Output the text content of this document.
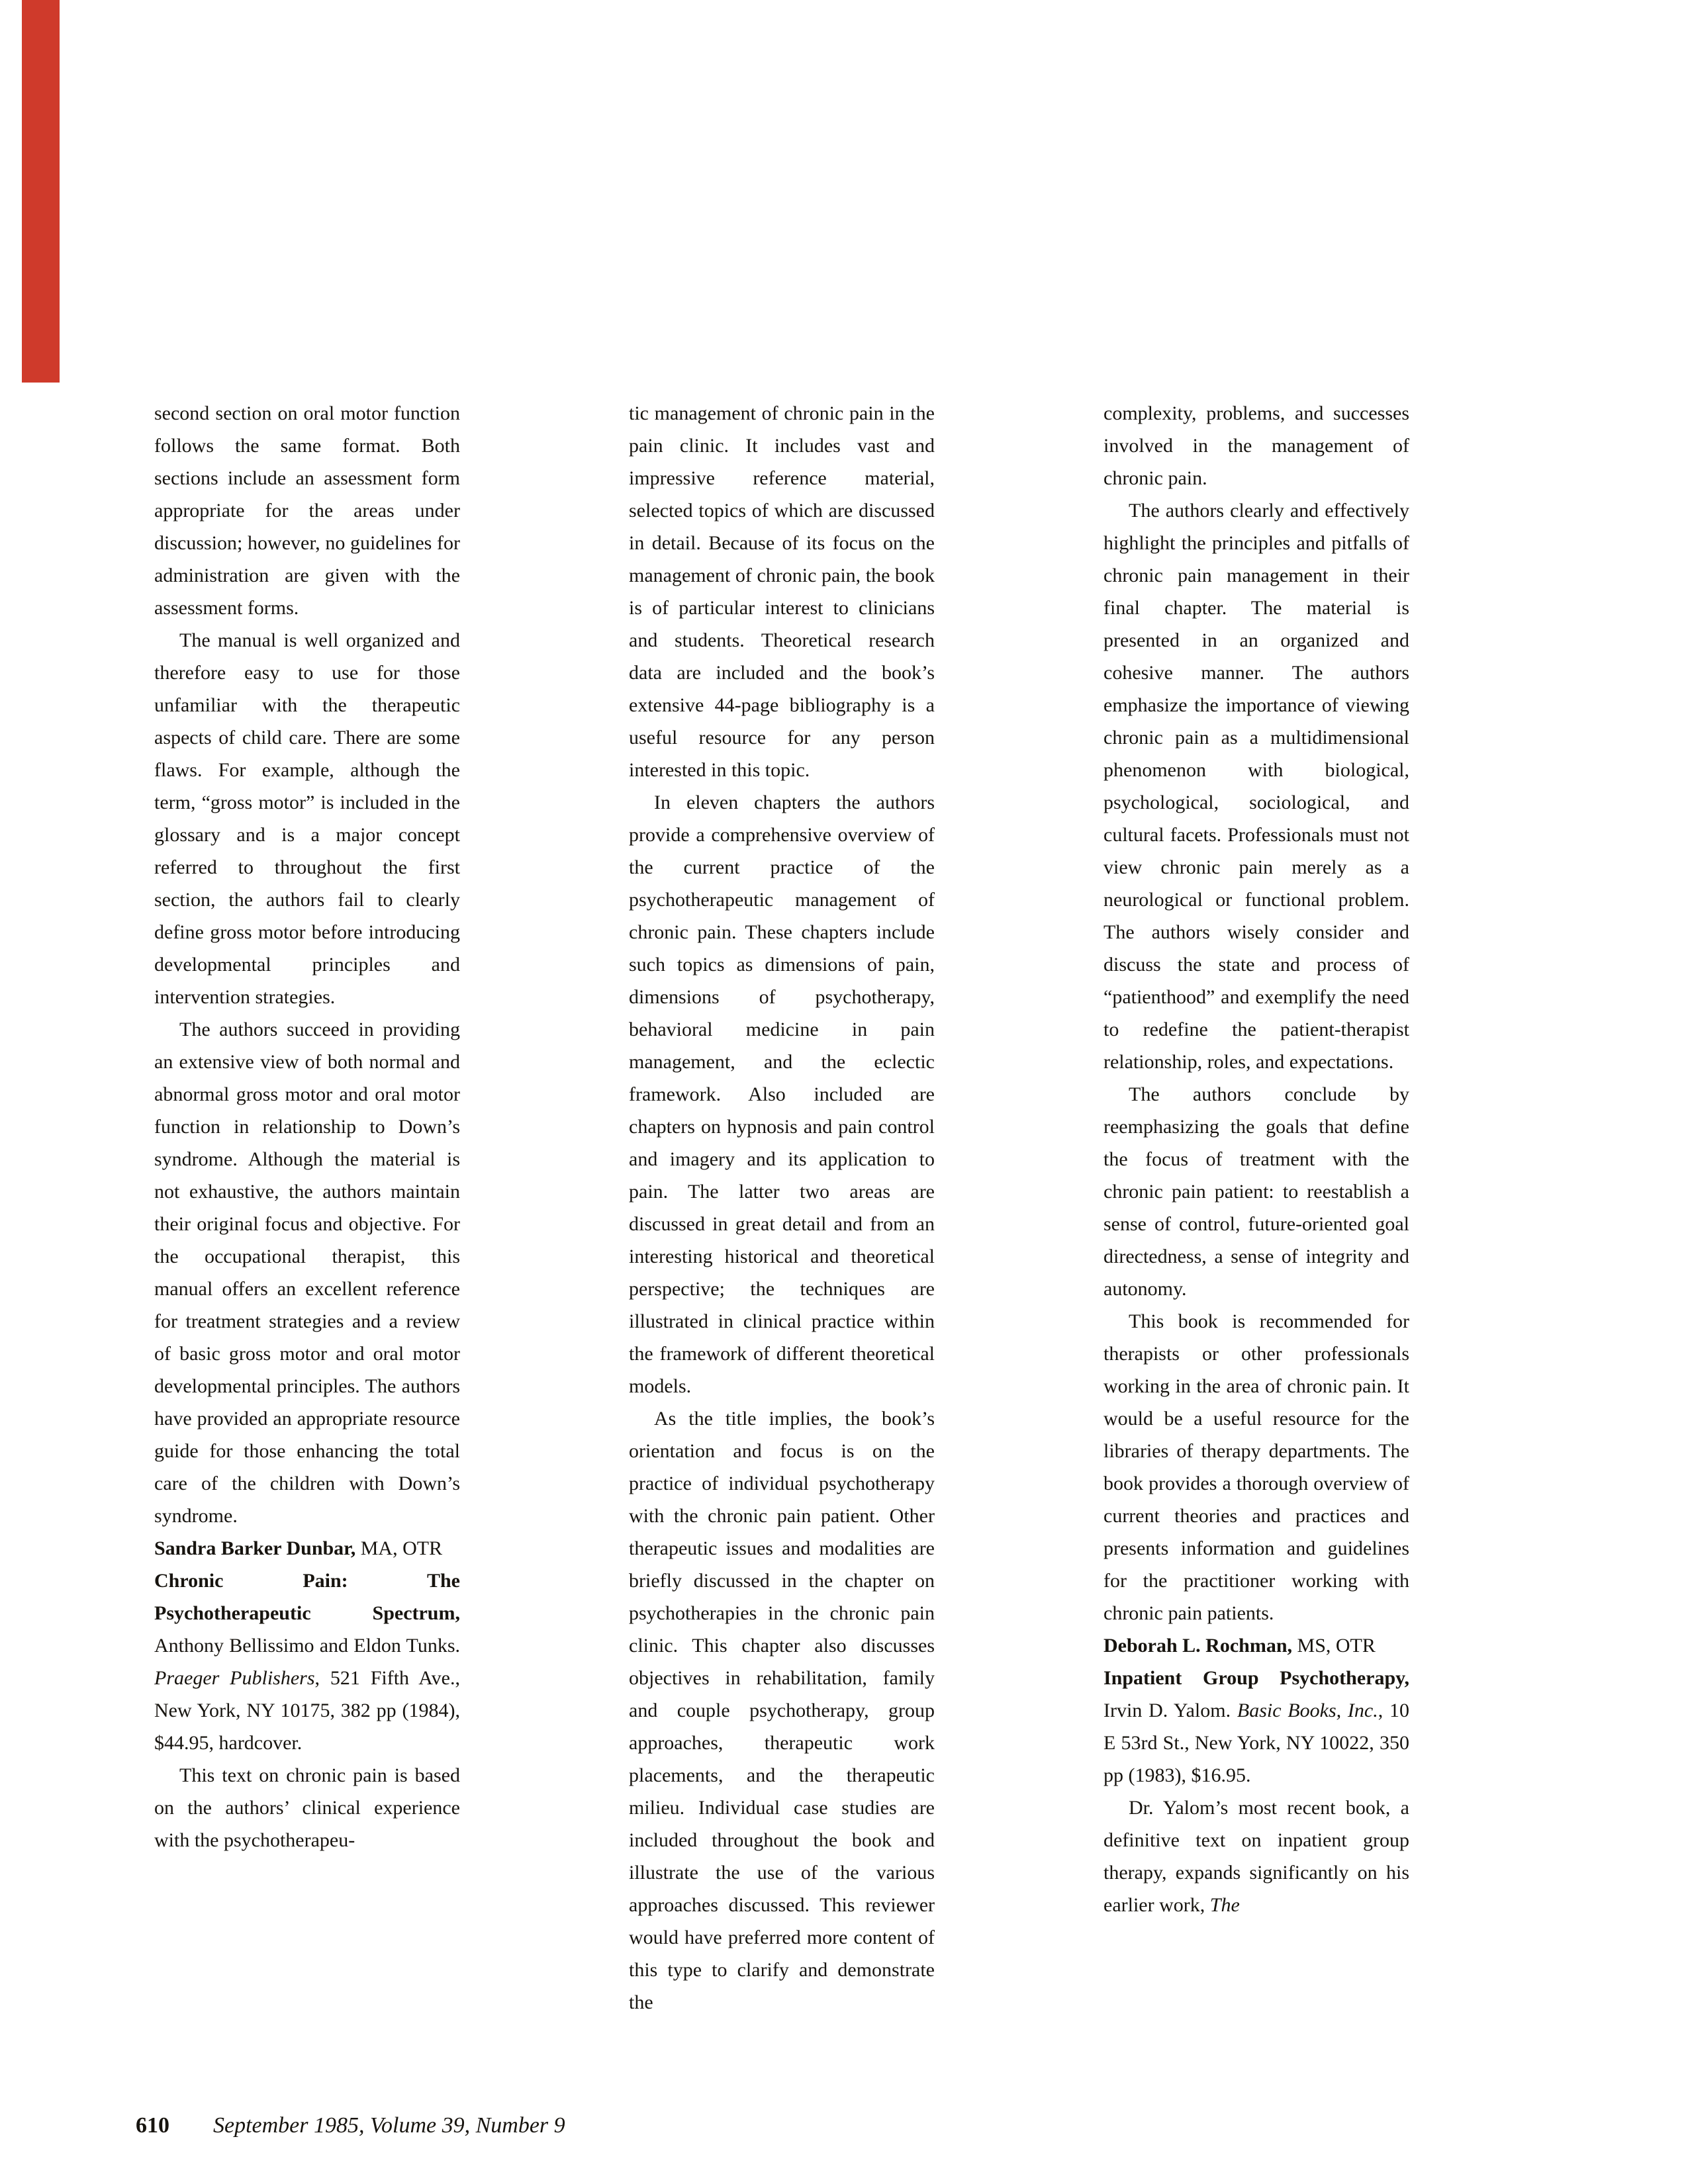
second section on oral motor function follows the same format. Both sections include an assessment form appropriate for the areas under discussion; however, no guidelines for administration are given with the assessment forms.

The manual is well organized and therefore easy to use for those unfamiliar with the therapeutic aspects of child care. There are some flaws. For example, although the term, “gross motor” is included in the glossary and is a major concept referred to throughout the first section, the authors fail to clearly define gross motor before introducing developmental principles and intervention strategies.

The authors succeed in providing an extensive view of both normal and abnormal gross motor and oral motor function in relationship to Down’s syndrome. Although the material is not exhaustive, the authors maintain their original focus and objective. For the occupational therapist, this manual offers an excellent reference for treatment strategies and a review of basic gross motor and oral motor developmental principles. The authors have provided an appropriate resource guide for those enhancing the total care of the children with Down’s syndrome.

Sandra Barker Dunbar, MA, OTR

Chronic Pain: The Psychotherapeutic Spectrum, Anthony Bellissimo and Eldon Tunks. Praeger Publishers, 521 Fifth Ave., New York, NY 10175, 382 pp (1984), $44.95, hardcover.

This text on chronic pain is based on the authors’ clinical experience with the psychotherapeu-

tic management of chronic pain in the pain clinic. It includes vast and impressive reference material, selected topics of which are discussed in detail. Because of its focus on the management of chronic pain, the book is of particular interest to clinicians and students. Theoretical research data are included and the book’s extensive 44-page bibliography is a useful resource for any person interested in this topic.

In eleven chapters the authors provide a comprehensive overview of the current practice of the psychotherapeutic management of chronic pain. These chapters include such topics as dimensions of pain, dimensions of psychotherapy, behavioral medicine in pain management, and the eclectic framework. Also included are chapters on hypnosis and pain control and imagery and its application to pain. The latter two areas are discussed in great detail and from an interesting historical and theoretical perspective; the techniques are illustrated in clinical practice within the framework of different theoretical models.

As the title implies, the book’s orientation and focus is on the practice of individual psychotherapy with the chronic pain patient. Other therapeutic issues and modalities are briefly discussed in the chapter on psychotherapies in the chronic pain clinic. This chapter also discusses objectives in rehabilitation, family and couple psychotherapy, group approaches, therapeutic work placements, and the therapeutic milieu. Individual case studies are included throughout the book and illustrate the use of the various approaches discussed. This reviewer would have preferred more content of this type to clarify and demonstrate the

complexity, problems, and successes involved in the management of chronic pain.

The authors clearly and effectively highlight the principles and pitfalls of chronic pain management in their final chapter. The material is presented in an organized and cohesive manner. The authors emphasize the importance of viewing chronic pain as a multidimensional phenomenon with biological, psychological, sociological, and cultural facets. Professionals must not view chronic pain merely as a neurological or functional problem. The authors wisely consider and discuss the state and process of “patienthood” and exemplify the need to redefine the patient-therapist relationship, roles, and expectations.

The authors conclude by reemphasizing the goals that define the focus of treatment with the chronic pain patient: to reestablish a sense of control, future-oriented goal directedness, a sense of integrity and autonomy.

This book is recommended for therapists or other professionals working in the area of chronic pain. It would be a useful resource for the libraries of therapy departments. The book provides a thorough overview of current theories and practices and presents information and guidelines for the practitioner working with chronic pain patients.

Deborah L. Rochman, MS, OTR

Inpatient Group Psychotherapy, Irvin D. Yalom. Basic Books, Inc., 10 E 53rd St., New York, NY 10022, 350 pp (1983), $16.95.

Dr. Yalom’s most recent book, a definitive text on inpatient group therapy, expands significantly on his earlier work, The

610 September 1985, Volume 39, Number 9
